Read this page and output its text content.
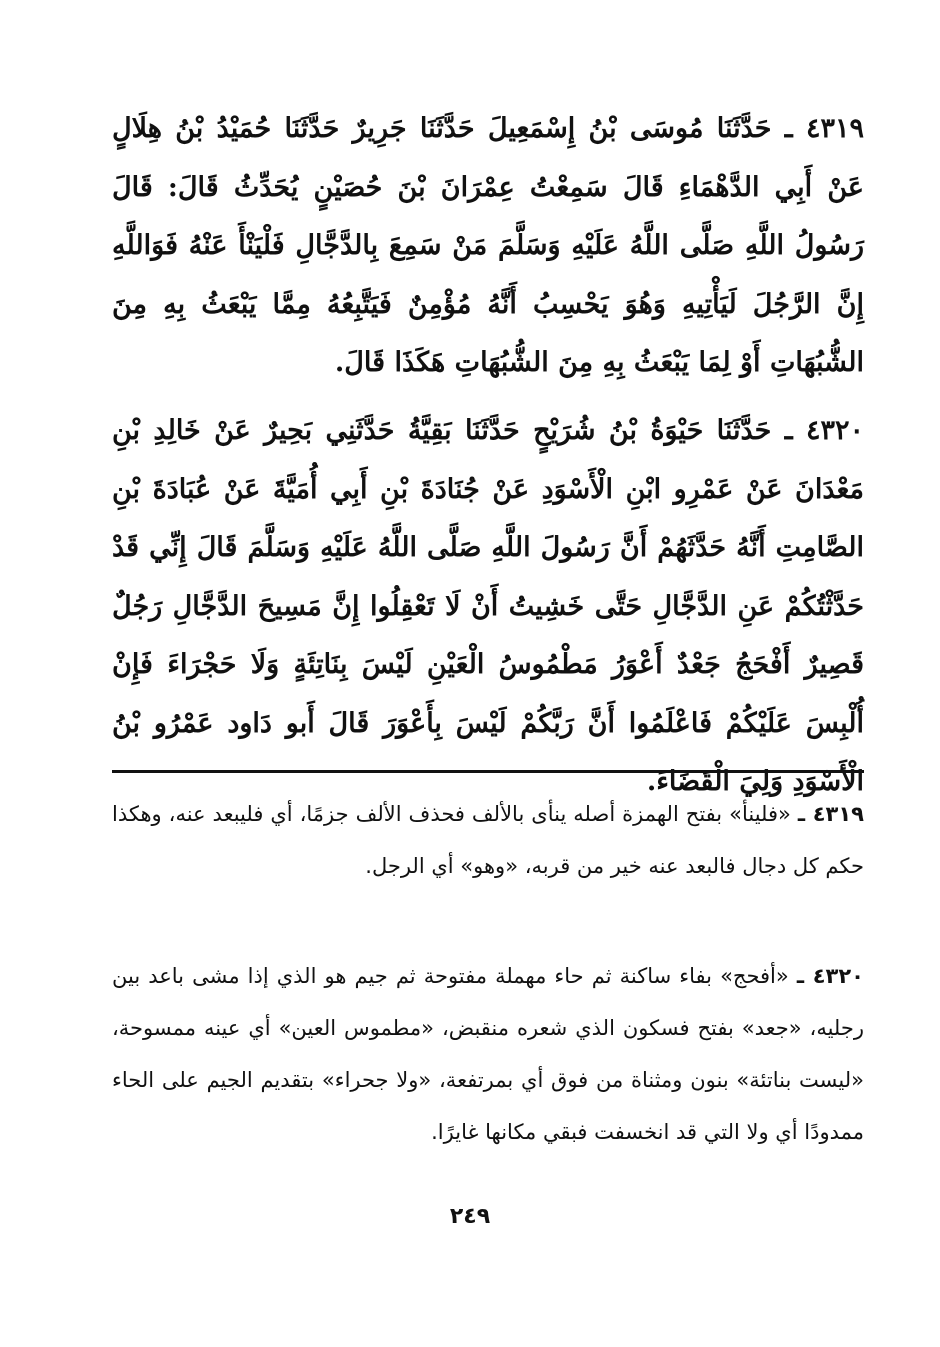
٤٣١٩ ـ حَدَّثَنَا مُوسَى بْنُ إِسْمَعِيلَ حَدَّثَنَا جَرِيرٌ حَدَّثَنَا حُمَيْدُ بْنُ هِلَالٍ عَنْ أَبِي الدَّهْمَاءِ قَالَ سَمِعْتُ عِمْرَانَ بْنَ حُصَيْنٍ يُحَدِّثُ قَالَ: قَالَ رَسُولُ اللَّهِ صَلَّى اللَّهُ عَلَيْهِ وَسَلَّمَ مَنْ سَمِعَ بِالدَّجَّالِ فَلْيَنْأَ عَنْهُ فَوَاللَّهِ إِنَّ الرَّجُلَ لَيَأْتِيهِ وَهُوَ يَحْسِبُ أَنَّهُ مُؤْمِنٌ فَيَتَّبِعُهُ مِمَّا يَبْعَثُ بِهِ مِنَ الشُّبُهَاتِ أَوْ لِمَا يَبْعَثُ بِهِ مِنَ الشُّبُهَاتِ هَكَذَا قَالَ.
٤٣٢٠ ـ حَدَّثَنَا حَيْوَةُ بْنُ شُرَيْحٍ حَدَّثَنَا بَقِيَّةُ حَدَّثَنِي بَحِيرٌ عَنْ خَالِدِ بْنِ مَعْدَانَ عَنْ عَمْرِو ابْنِ الْأَسْوَدِ عَنْ جُنَادَةَ بْنِ أَبِي أُمَيَّةَ عَنْ عُبَادَةَ بْنِ الصَّامِتِ أَنَّهُ حَدَّثَهُمْ أَنَّ رَسُولَ اللَّهِ صَلَّى اللَّهُ عَلَيْهِ وَسَلَّمَ قَالَ إِنِّي قَدْ حَدَّثْتُكُمْ عَنِ الدَّجَّالِ حَتَّى خَشِيتُ أَنْ لَا تَعْقِلُوا إِنَّ مَسِيحَ الدَّجَّالِ رَجُلٌ قَصِيرٌ أَفْحَجُ جَعْدٌ أَعْوَرُ مَطْمُوسُ الْعَيْنِ لَيْسَ بِنَاتِئَةٍ وَلَا حَجْرَاءَ فَإِنْ أُلْبِسَ عَلَيْكُمْ فَاعْلَمُوا أَنَّ رَبَّكُمْ لَيْسَ بِأَعْوَرَ قَالَ أَبو دَاود عَمْرُو بْنُ الْأَسْوَدِ وَلِيَ الْقَضَاءَ.
٤٣١٩ ـ «فلينأ» بفتح الهمزة أصله ينأى بالألف فحذف الألف جزمًا، أي فليبعد عنه، وهكذا حكم كل دجال فالبعد عنه خير من قربه، «وهو» أي الرجل.
٤٣٢٠ ـ «أفحج» بفاء ساكنة ثم حاء مهملة مفتوحة ثم جيم هو الذي إذا مشى باعد بين رجليه، «جعد» بفتح فسكون الذي شعره منقبض، «مطموس العين» أي عينه ممسوحة، «ليست بناتئة» بنون ومثناة من فوق أي بمرتفعة، «ولا جحراء» بتقديم الجيم على الحاء ممدودًا أي ولا التي قد انخسفت فبقي مكانها غايرًا.
٢٤٩
